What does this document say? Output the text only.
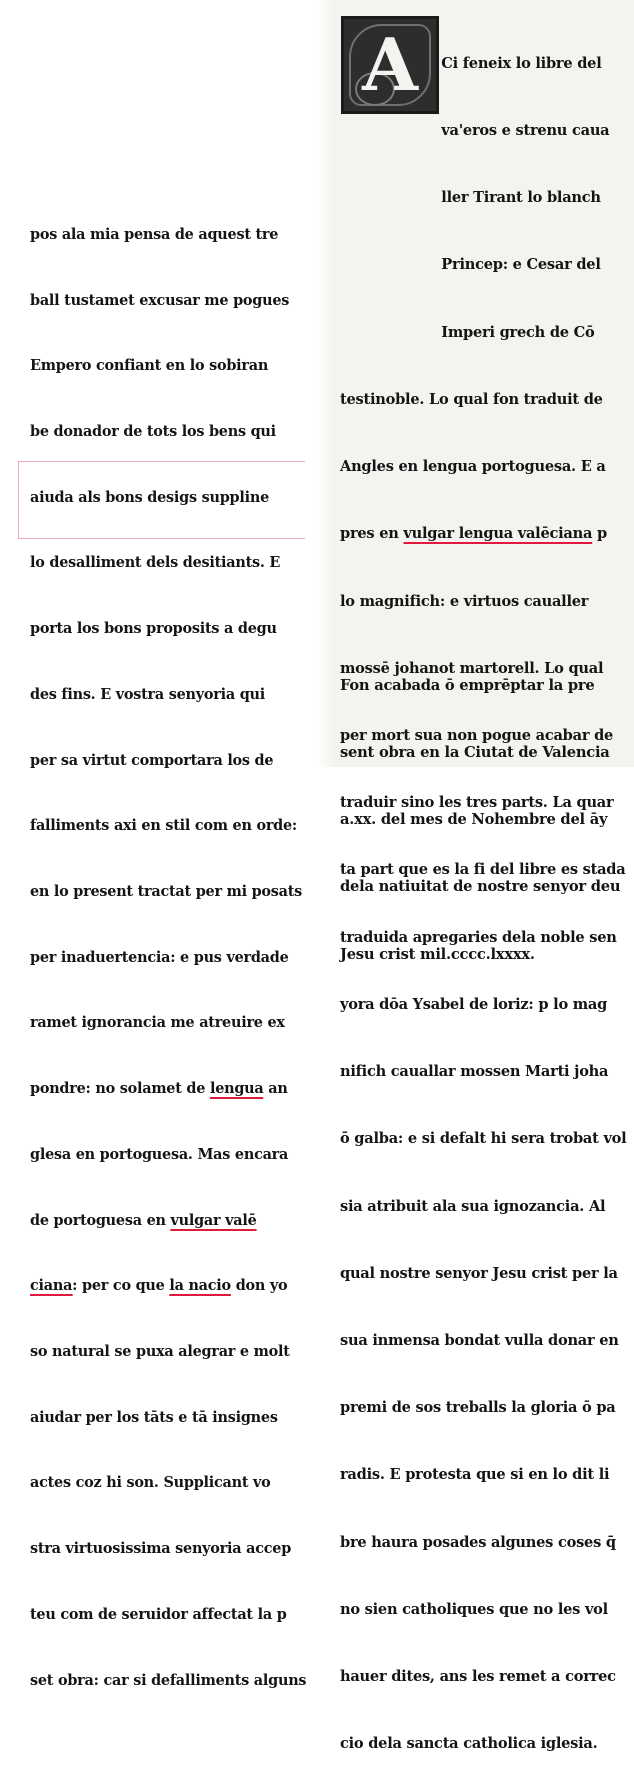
pos ala mia pensa de aquest tre

ball tustamet excusar me pogues

Empero confiant en lo sobiran

be donador de tots los bens qui

aiuda als bons desigs suppline

lo desalliment dels desitiants. E

porta los bons proposits a degu

des fins. E vostra senyoria qui

per sa virtut comportara los de

falliments axi en stil com en orde:

en lo present tractat per mi posats

per inaduertencia: e pus verdade

ramet ignorancia me atreuire ex

pondre: no solamet de lengua an

glesa en portoguesa. Mas encara

de portoguesa en vulgar valē

ciana: per co que la nacio don yo

so natural se puxa alegrar e molt

aiudar per los tāts e tā insignes

actes coz hi son. Supplicant vo

stra virtuosissima senyoria accep

teu com de seruidor affectat la p

set obra: car si defalliments alguns

A

	Ci feneix lo libre del

va'eros e strenu caua

ller Tirant lo blanch

Princep: e Cesar del

Imperi grech de Cō

testinoble. Lo qual fon traduit de

Angles en lengua portoguesa. E a

pres en vulgar lengua valēciana p

lo magnifich: e virtuos caualler

mossē johanot martorell. Lo qual

per mort sua non pogue acabar de

traduir sino les tres parts. La quar

ta part que es la fi del libre es stada

traduida apregaries dela noble sen

yora dōa Ysabel de loriz: p lo mag

nifich cauallar mossen Marti joha

ō galba: e si defalt hi sera trobat vol

sia atribuit ala sua ignozancia. Al

qual nostre senyor Jesu crist per la

sua inmensa bondat vulla donar en

premi de sos treballs la gloria ō pa

radis. E protesta que si en lo dit li

bre haura posades algunes coses q̄

no sien catholiques que no les vol

hauer dites, ans les remet a correc

cio dela sancta catholica iglesia.

Fon acabada ō emprēptar la pre

sent obra en la Ciutat de Valencia

a.xx. del mes de Nohembre del āy

dela natiuitat de nostre senyor deu

Jesu crist mil.cccc.lxxxx.
